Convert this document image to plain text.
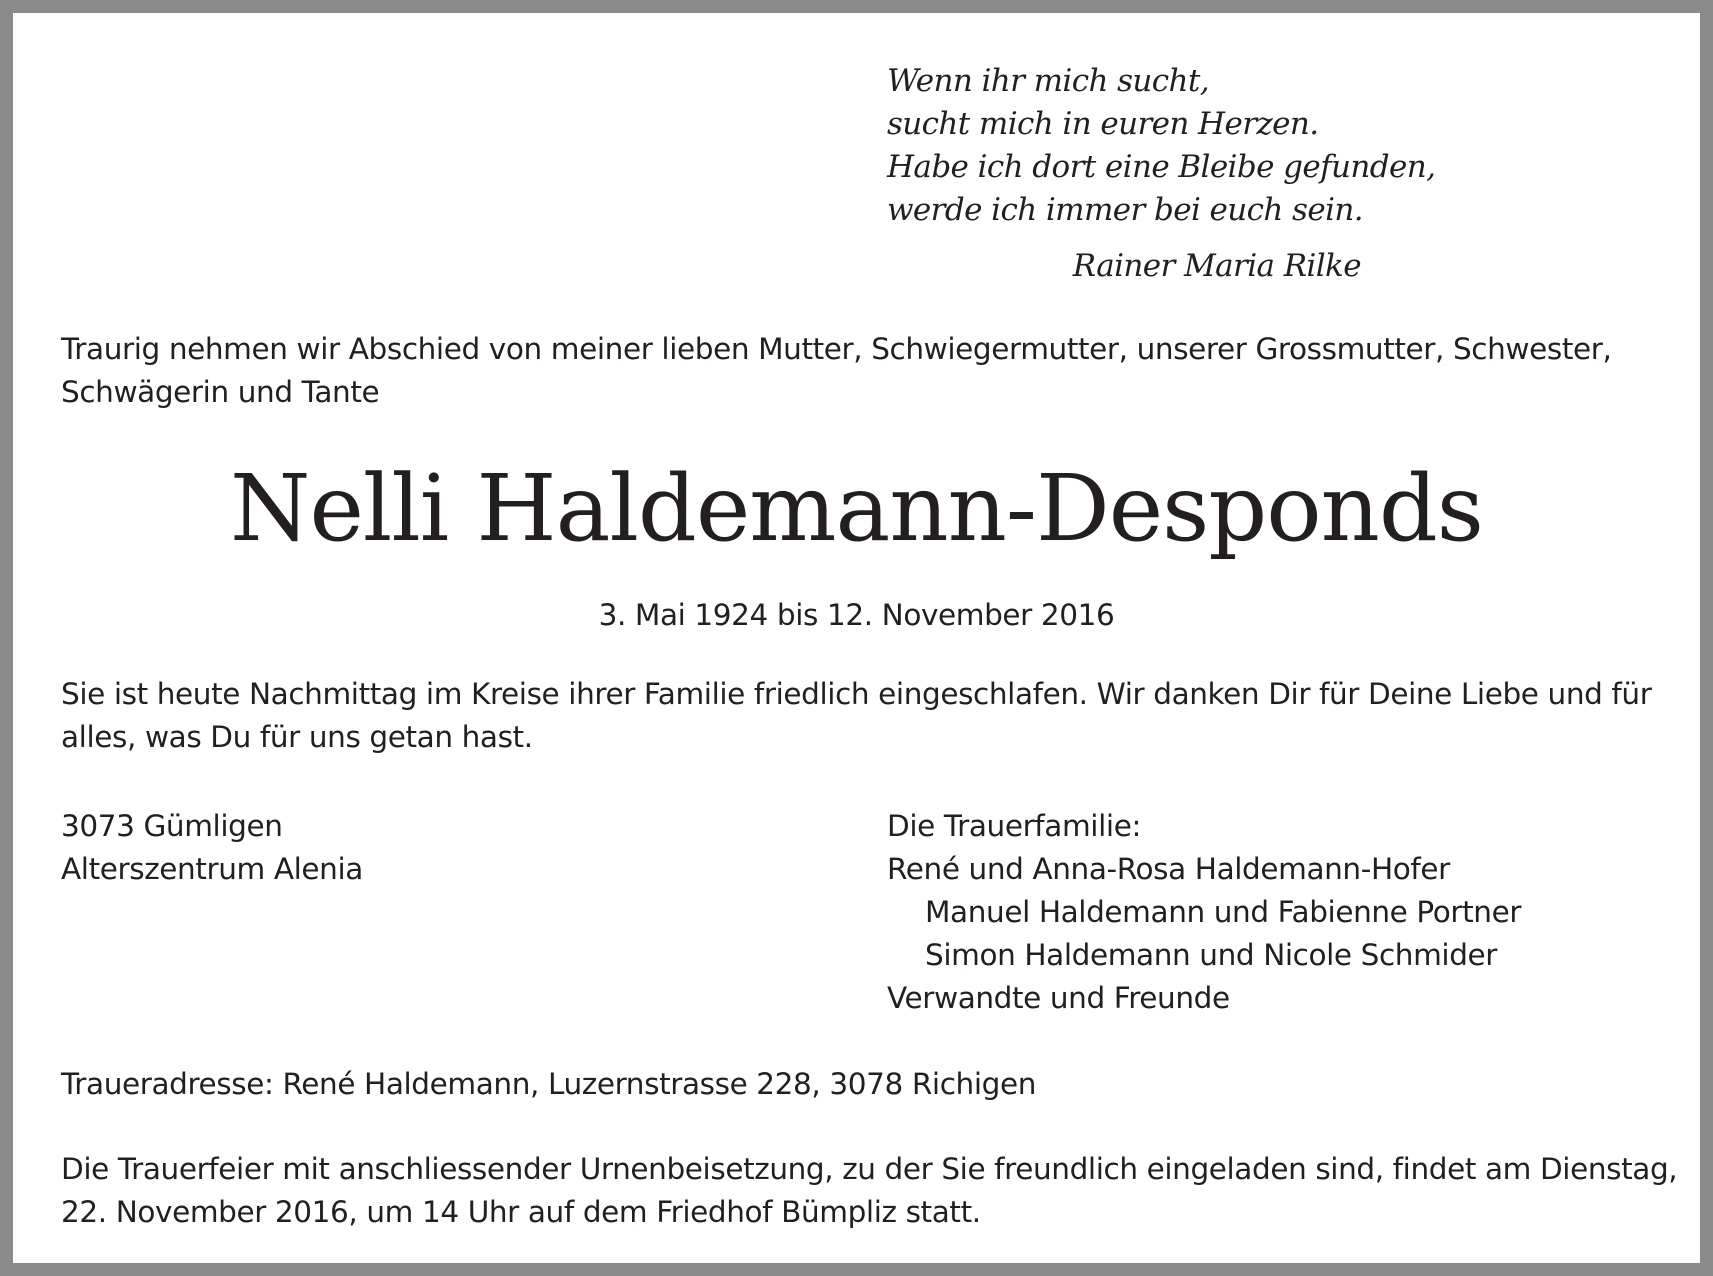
Wenn ihr mich sucht,
sucht mich in euren Herzen.
Habe ich dort eine Bleibe gefunden,
werde ich immer bei euch sein.
Rainer Maria Rilke
Traurig nehmen wir Abschied von meiner lieben Mutter, Schwiegermutter, unserer Grossmutter, Schwester, Schwägerin und Tante
Nelli Haldemann-Desponds
3. Mai 1924 bis 12. November 2016
Sie ist heute Nachmittag im Kreise ihrer Familie friedlich eingeschlafen. Wir danken Dir für Deine Liebe und für alles, was Du für uns getan hast.
3073 Gümligen
Alterszentrum Alenia
Die Trauerfamilie:
René und Anna-Rosa Haldemann-Hofer
Manuel Haldemann und Fabienne Portner
Simon Haldemann und Nicole Schmider
Verwandte und Freunde
Traueradresse: René Haldemann, Luzernstrasse 228, 3078 Richigen
Die Trauerfeier mit anschliessender Urnenbeisetzung, zu der Sie freundlich eingeladen sind, findet am Dienstag, 22. November 2016, um 14 Uhr auf dem Friedhof Bümpliz statt.
